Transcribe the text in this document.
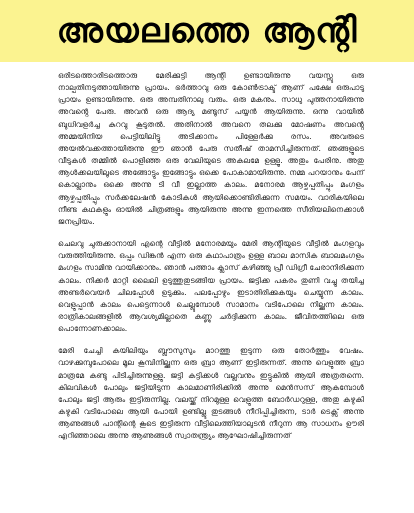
അയലത്തെ ആന്റി

ഒരിടത്തൊരിടത്തൊരു മേരിക്കുട്ടി ആന്റി ഉണ്ടായിരുന്നു വയസ്സു ഒരു നാല്പതിനടുത്തായിരുന്നു പ്രായം. ഭർത്താവു ഒരു കോൺട്രാക്ട് ആണ് പക്ഷേ ഒരുപാടു പ്രായം ഉണ്ടായിരുന്നു. ഒരു അമ്പതിനാലു വരും. ഒരു മകനും. സാധു പുത്തനായിരുന്നു അവൻ്റെ പേരു. അവൻ ഒരു ആദ്യ മണ്ടൂസ് പയ്യൻ ആയിരുന്നു. ഒന്നു വായിൽ ബുധിവളർച്ച കുറവു കൂടുതൽ. അതിനാൽ അവനെ തലക്കു മോഷണം അവൻ്റെ അമ്മയിനിയ പെട്ടിയിലിട്ടു അടിക്കാനം പിള്ളേർക്കു രസം. അവരുടെ അയൽവക്കത്തായിരുന്നു ഈ ഞാൻ പേരു സതീഷ് താമസിച്ചിരുന്നത്. ഞങ്ങളുടെ വീടുകൾ തമ്മിൽ പൊളിഞ്ഞ ഒരു വേലിയുടെ അകലമേ ഉള്ളൂ. അതും പേരിനു. അതു ആൾക്കലയിലൂടെ അങ്ങോട്ടും ഇങ്ങോട്ടും ഒക്കെ പോകാമായിരുന്നു. നമ്മ പറയാനും പേന് കൊല്ലാനും ഒക്കെ അന്നു ടി വീ ഇല്ലാത്ത കാലം. മനോരമ ആഴ്ചപ്പതിപ്പും മംഗളം ആഴ്ചപ്പതിപ്പും സർക്കലേഷൻ കോടികൾ ആയിക്കൊണ്ടിരിക്കുന്ന സമയം. വാരികയിലെ നീണ്ട കഥകളും ഓയിൽ ചിത്രങ്ങളും ആയിരുന്നു അന്നു ഇന്നത്തെ സീരിയലിനെക്കാൾ ജനപ്രിയം.

ചെലവു ചുരുക്കാനായി എന്റെ വീട്ടിൽ മനോരമയും മേരി ആന്റിയുടെ വീട്ടിൽ മംഗളവും വരുത്തിയിരുന്നു. ഒപ്പം ഡിങ്കൻ എന്ന ഒരു കഥാപാത്രം ഉള്ള ബാല മാസിക ബാലമംഗളം മംഗളം സാമിനു വായിക്കാനും. ഞാൻ പത്താം ക്ലാസ് കഴിഞ്ഞു പ്രീ ഡിഗ്രീ ചേരാനിരിക്കുന്ന കാലം. നിക്കർ മാറ്റി ലൈലി ഉടുത്തുതുടങ്ങിയ പ്രായം. ജട്ടിക്ക പകരം തുണി വച്ചു തയിച്ച അണ്ടർവെയർ ചിലപ്പോൾ ഉടുക്കും. പലപ്പോഴും ഇടാതിരിക്കുകയും ചെയ്യുന്ന കാലം. വെളുപ്പാൻ കാലം പെട്ടെന്നാൾ ചെല്ലുമ്പോൾ സാമാനം വടിപോലെ നില്ക്കുന്ന കാലം. രാത്രികാലങ്ങളിൽ ആവശ്യമില്ലാതെ കണ്ണു ചർദ്ദിക്കുന്ന കാലം. ജീവിതത്തിലെ ഒരു പൊന്നോണക്കാലം.

മേരി ചേച്ചി കയിലിയും ബ്ലൗസുസും മാറത്തു ഇടുന്ന ഒരു തോർത്തും വേഷം. വാഴക്കുമ്പുപോലെ മൂല കൂമ്പിനില്ക്കുന്ന ഒരു ബ്രാ ആണ് ഇട്ടിരുന്നത്. അന്നു വെളുത്ത ബ്രാ മാത്രമേ കണ്ടു പിടിച്ചിരുന്നുള്ളു. ജട്ടി കട്ടിക്കൾ വല്ലവനും ഇട്ടുകിൽ ആയി അത്രതന്നെ. കിലവികൾ പോലും ജട്ടിയിടുന്ന കാലമാണിരിക്കിൽ അന്നു മെൻസസ് ആകമ്പോൾ പോലും ജട്ടി ആരും ഇട്ടിരുന്നില്ല. വലയ്ക്ക് നിറമുള്ള വെളുത്ത ബോർഡറുള്ള, അതു കഴുകി കഴുകി വടിപോലെ ആയി പോയി ഉണ്ടില്ലു തുടങ്ങൾ നീറിപ്പിച്ചിരുന്ന, ടാർ ടെക്സ് അന്നു ആണുങ്ങൾ പാന്റിന്റെ കൂടെ ഇട്ടിരുന്ന വീട്ടിലെത്തിയാലുടൻ നീറുന്ന ആ സാധനം ഊരി എറിഞ്ഞാലെ അന്നു ആണുങ്ങൾ സ്വാതന്ത്ര്യം ആഘോഷിച്ചിരുന്നത്
